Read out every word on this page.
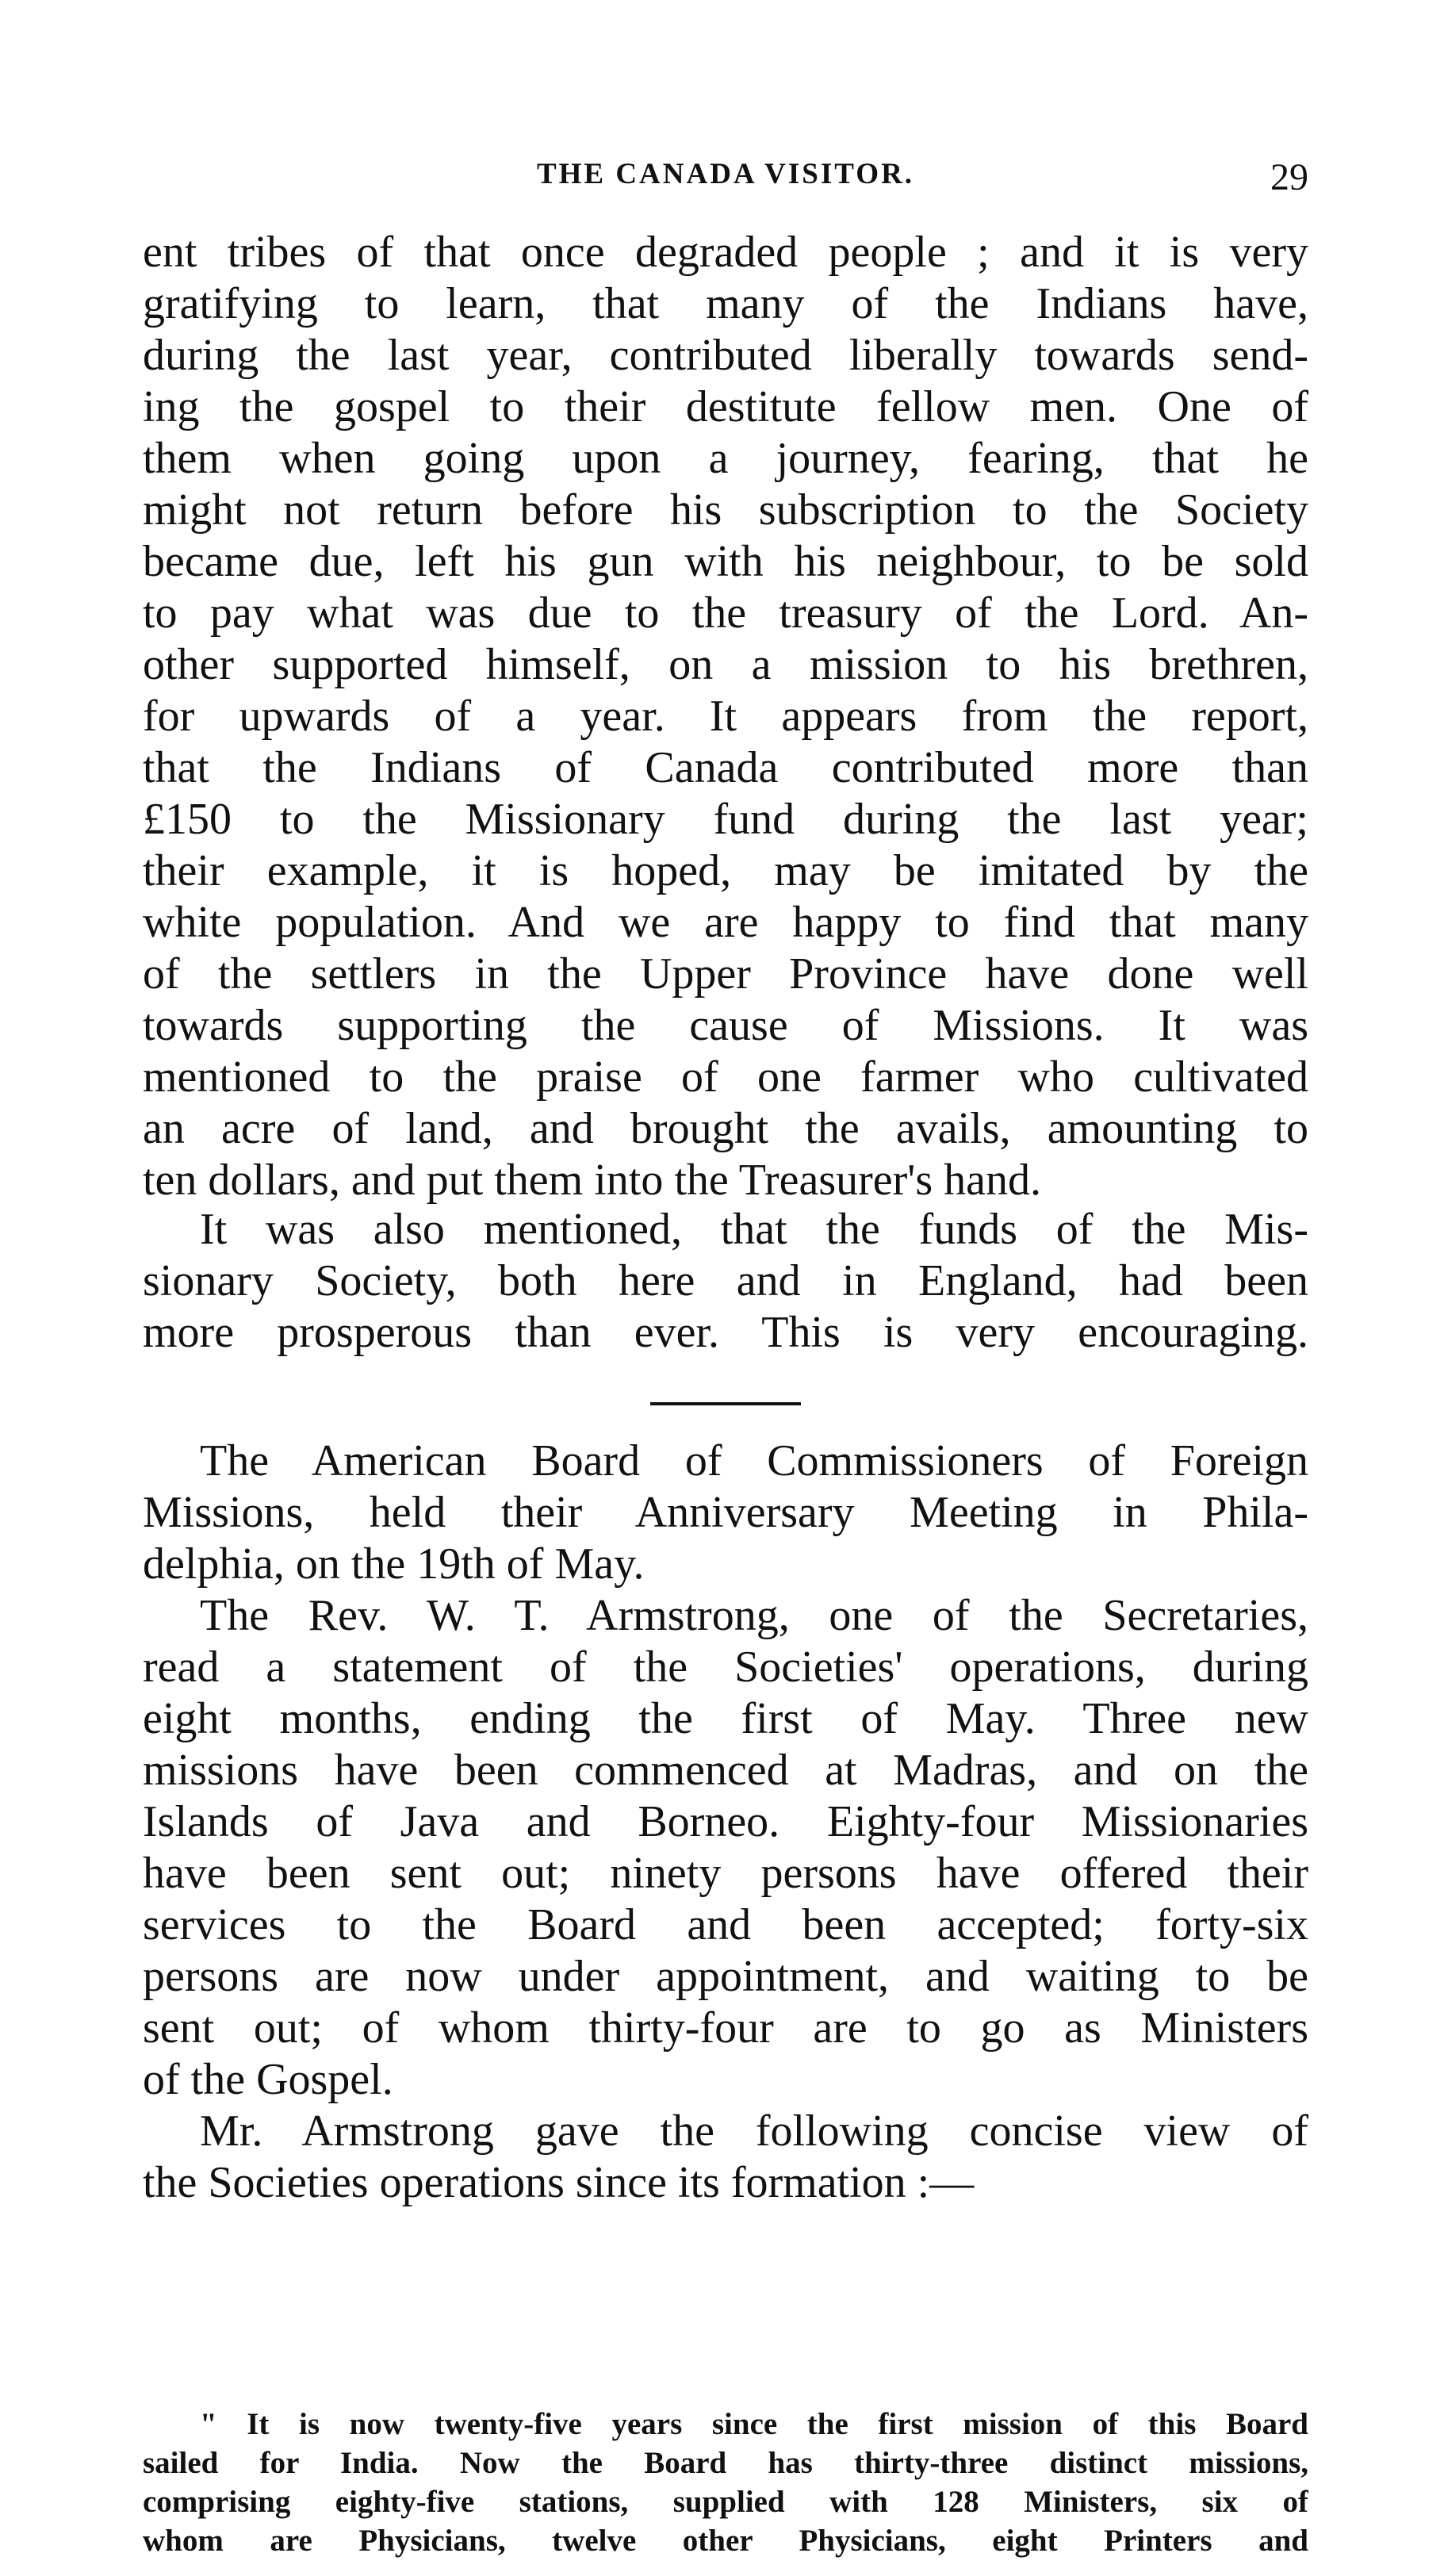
THE CANADA VISITOR.	29
ent tribes of that once degraded people ; and it is very
gratifying to learn, that many of the Indians have,
during the last year, contributed liberally towards send-
ing the gospel to their destitute fellow men. One of
them when going upon a journey, fearing, that he
might not return before his subscription to the Society
became due, left his gun with his neighbour, to be sold
to pay what was due to the treasury of the Lord. An-
other supported himself, on a mission to his brethren,
for upwards of a year. It appears from the report,
that the Indians of Canada contributed more than
£150 to the Missionary fund during the last year;
their example, it is hoped, may be imitated by the
white population. And we are happy to find that many
of the settlers in the Upper Province have done well
towards supporting the cause of Missions. It was
mentioned to the praise of one farmer who cultivated
an acre of land, and brought the avails, amounting to
ten dollars, and put them into the Treasurer's hand.
It was also mentioned, that the funds of the Mis-
sionary Society, both here and in England, had been
more prosperous than ever. This is very encouraging.
The American Board of Commissioners of Foreign
Missions, held their Anniversary Meeting in Phila-
delphia, on the 19th of May.
The Rev. W. T. Armstrong, one of the Secretaries,
read a statement of the Societies' operations, during
eight months, ending the first of May. Three new
missions have been commenced at Madras, and on the
Islands of Java and Borneo. Eighty-four Missionaries
have been sent out; ninety persons have offered their
services to the Board and been accepted; forty-six
persons are now under appointment, and waiting to be
sent out; of whom thirty-four are to go as Ministers
of the Gospel.
Mr. Armstrong gave the following concise view of
the Societies operations since its formation :—
" It is now twenty-five years since the first mission of this Board
sailed for India. Now the Board has thirty-three distinct missions,
comprising eighty-five stations, supplied with 128 Ministers, six of
whom are Physicians, twelve other Physicians, eight Printers and
